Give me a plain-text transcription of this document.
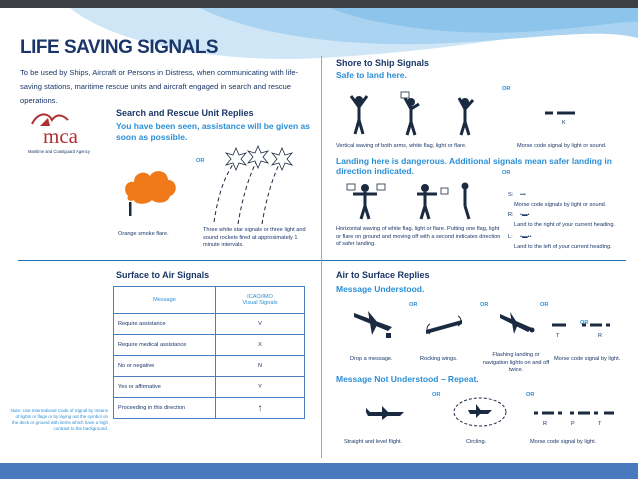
LIFE SAVING SIGNALS
To be used by Ships, Aircraft or Persons in Distress, when communicating with life-saving stations, maritime rescue units and aircraft engaged in search and rescue operations.
mca
Maritime and Coastguard Agency
Search and Rescue Unit Replies
You have been seen, assistance will be given as soon as possible.
OR
Orange smoke flare.
Three white star signals or three light and sound rockets fired at approximately 1 minute intervals.
Shore to Ship Signals
Safe to land here.
OR
K
Vertical waving of both arms, white flag, light or flare.	Morse code signal by light or sound.
Landing here is dangerous. Additional signals mean safer landing in direction indicated.	OR
S: •••
Morse code signals by light or sound.
R: •▬•
Land to the right of your current heading.
L: •▬••
Land to the left of your current heading.
Horizontal waving of white flag, light or flare. Putting one flag, light or flare on ground and moving off with a second indicates direction of safer landing.
Surface to Air Signals
Message	ICAO/IMO
Visual Signals
Require assistance	V
Require medical assistance	X
No or negative	N
Yes or affirmative	Y
Proceeding in this direction	↑
Note: Use International Code of Signal by means of lights or flags or by laying out the symbol on the deck or ground with items which have a high contrast to the background.
Air to Surface Replies
Message Understood.
OR	OR	OR
OR
T	R
Drop a message.	Rocking wings.
Flashing landing or navigation lights on and off twice.
Morse code signal by light.
Message Not Understood – Repeat.
OR	OR
R	P	T
Straight and level flight.	Circling.	Morse code signal by light.
